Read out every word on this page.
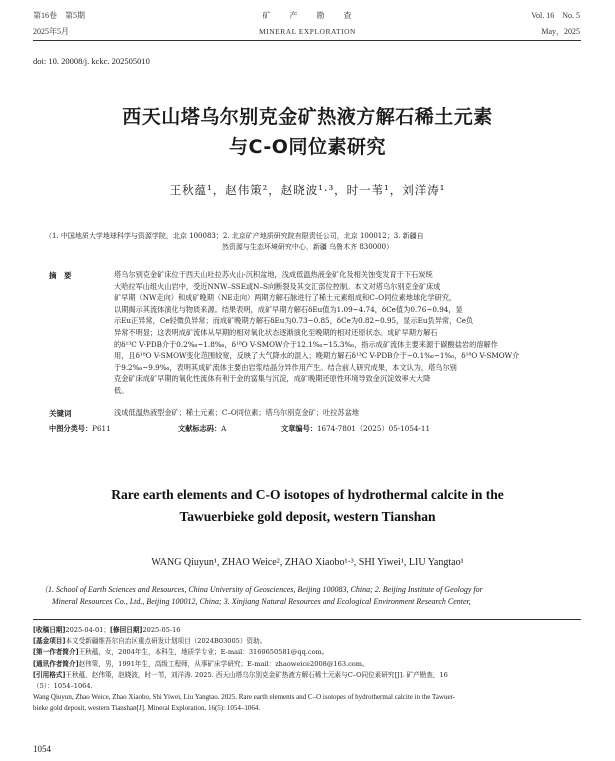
第16卷　第5期
2025年5月
矿　　产　　勘　　查
MINERAL EXPLORATION
Vol. 16　No. 5
May，2025
doi: 10. 20008/j. kckc. 202505010
西天山塔乌尔别克金矿热液方解石稀土元素
与C-O同位素研究
王秋蕴¹，赵伟策²，赵晓波¹·³，时一苇¹，刘洋涛¹
（1. 中国地质大学地球科学与资源学院，北京 100083；2. 北京矿产地质研究院有限责任公司，北京 100012；3. 新疆自
然资源与生态环境研究中心，新疆 乌鲁木齐 830000）
摘　要	塔乌尔别克金矿床位于西天山吐拉苏火山-沉积盆地，浅成低温热液金矿化及相关蚀变发育于下石炭统
大哈拉军山组火山岩中，受近NNW–SSE或N–S向断裂及其交汇部位控制。本文对塔乌尔别克金矿床成
矿早期（NW走向）和成矿晚期（NE走向）两期方解石脉进行了稀土元素组成和C–O同位素地球化学研究，
以期揭示其流体演化与物质来源。结果表明，成矿早期方解石δEu值为1.09~4.74，δCe值为0.76~0.94，显
示Eu正异常，Ce轻微负异常；而成矿晚期方解石δEu为0.73~0.85，δCe为0.82~0.95，显示Eu负异常，Ce负
异常不明显；这表明成矿流体从早期的相对氧化状态逐渐演化至晚期的相对还原状态。成矿早期方解石
的δ¹³C V-PDB介于0.2‰~1.8‰，δ¹⁸O V-SMOW介于12.1‰~15.3‰，指示成矿流体主要来源于碳酸盐岩的溶解作
用，且δ¹⁸O V-SMOW变化范围较宽，反映了大气降水的混入；晚期方解石δ¹³C V-PDB介于−0.1‰~1‰，δ¹⁸O V-SMOW介
于9.2‰~9.9‰，表明其成矿流体主要由岩浆结晶分异作用产生。结合前人研究成果，本文认为，塔乌尔别
克金矿床成矿早期的氧化性流体有利于金的富集与沉淀，成矿晚期还原性环境导致金沉淀效率大大降
低。
关键词	浅成低温热液型金矿；稀土元素；C–O同位素；塔乌尔别克金矿；吐拉苏盆地
中图分类号：P611	文献标志码：A	文章编号：1674-7801（2025）05-1054-11
Rare earth elements and C-O isotopes of hydrothermal calcite in the
Tawuerbieke gold deposit, western Tianshan
WANG Qiuyun¹, ZHAO Weice², ZHAO Xiaobo¹·³, SHI Yiwei¹, LIU Yangtao¹
（1. School of Earth Sciences and Resources, China University of Geosciences, Beijing 100083, China; 2. Beijing Institute of Geology for
Mineral Resources Co., Ltd., Beijing 100012, China; 3. Xinjiang Natural Resources and Ecological Environment Research Center,
[收稿日期]2025-04-01；[修回日期]2025-05-16
[基金项目]本文受新疆维吾尔自治区重点研发计划项目（2024B03005）资助。
[第一作者简介]王秋蕴，女，2004年生，本科生，地质学专业；E-mail：3160650581@qq.com。
[通讯作者简介]赵伟策，男，1991年生，高级工程师，从事矿床学研究；E-mail：zhaoweice2008@163.com。
[引用格式]王秋蕴，赵伟策，赵晓波，时一苇，刘洋涛. 2025. 西天山塔乌尔别克金矿热液方解石稀土元素与C–O同位素研究[J]. 矿产勘查，16
（5）：1054–1064.
Wang Qiuyun, Zhao Weice, Zhao Xiaobo, Shi Yiwei, Liu Yangtao. 2025. Rare earth elements and C–O isotopes of hydrothermal calcite in the Tawuer-
bieke gold deposit, western Tianshan[J]. Mineral Exploration, 16(5): 1054–1064.
1054
